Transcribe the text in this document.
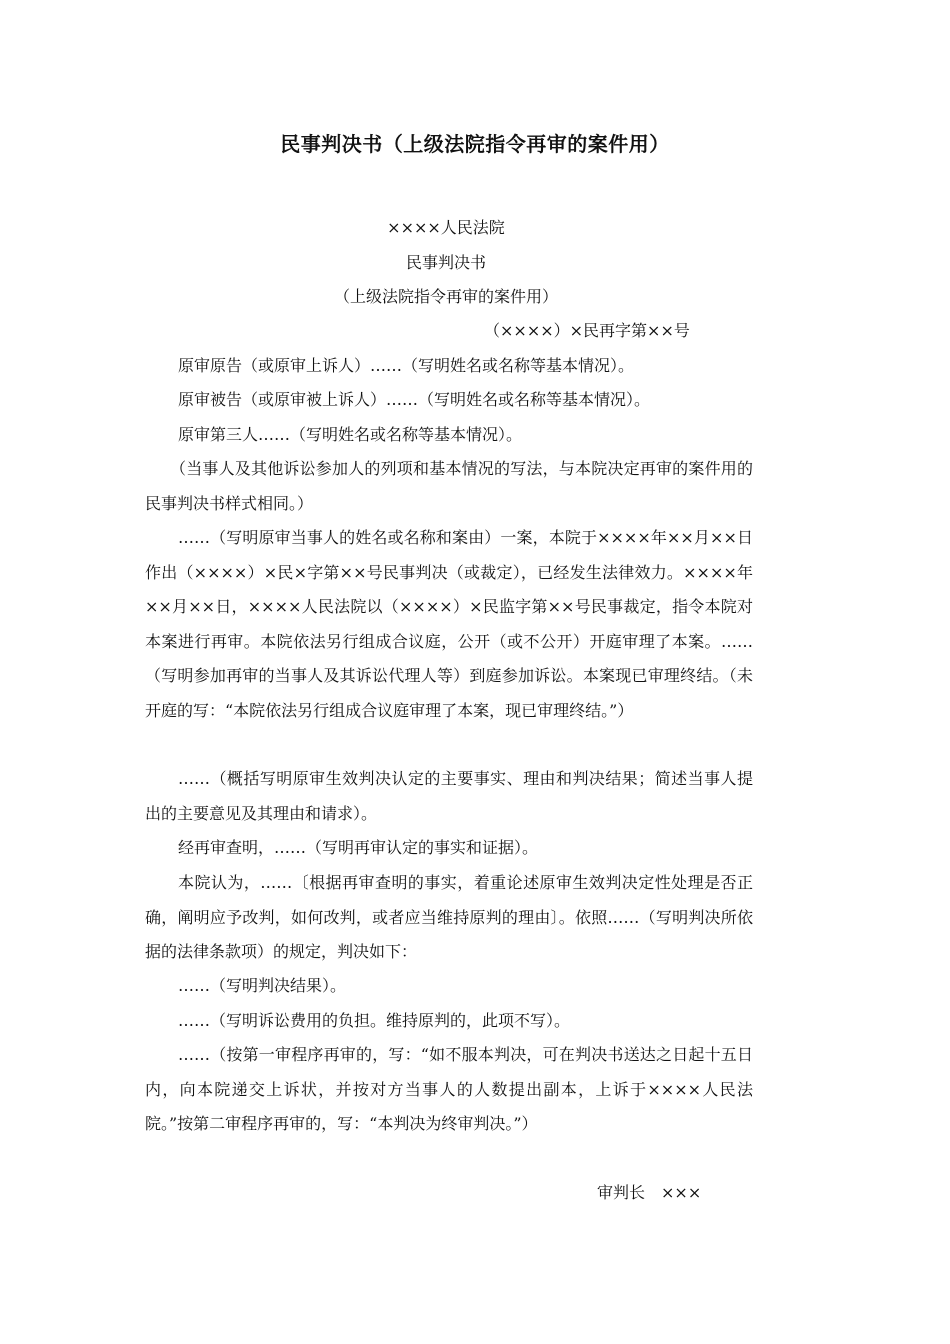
民事判决书（上级法院指令再审的案件用）
××××人民法院
民事判决书
（上级法院指令再审的案件用）
（××××）×民再字第××号
原审原告（或原审上诉人）……（写明姓名或名称等基本情况）。
原审被告（或原审被上诉人）……（写明姓名或名称等基本情况）。
原审第三人……（写明姓名或名称等基本情况）。

（当事人及其他诉讼参加人的列项和基本情况的写法，与本院决定再审的案件用的民事判决书样式相同。）

……（写明原审当事人的姓名或名称和案由）一案，本院于××××年××月××日作出（××××）×民×字第××号民事判决（或裁定），已经发生法律效力。××××年××月××日，××××人民法院以（××××）×民监字第××号民事裁定，指令本院对本案进行再审。本院依法另行组成合议庭，公开（或不公开）开庭审理了本案。……（写明参加再审的当事人及其诉讼代理人等）到庭参加诉讼。本案现已审理终结。（未开庭的写：“本院依法另行组成合议庭审理了本案，现已审理终结。”）

……（概括写明原审生效判决认定的主要事实、理由和判决结果；简述当事人提出的主要意见及其理由和请求）。

经再审查明，……（写明再审认定的事实和证据）。

本院认为，……〔根据再审查明的事实，着重论述原审生效判决定性处理是否正确，阐明应予改判，如何改判，或者应当维持原判的理由〕。依照……（写明判决所依据的法律条款项）的规定，判决如下：

……（写明判决结果）。

……（写明诉讼费用的负担。维持原判的，此项不写）。

……（按第一审程序再审的，写：“如不服本判决，可在判决书送达之日起十五日内，向本院递交上诉状，并按对方当事人的人数提出副本，上诉于××××人民法院。”按第二审程序再审的，写：“本判决为终审判决。”）

审判长　×××
